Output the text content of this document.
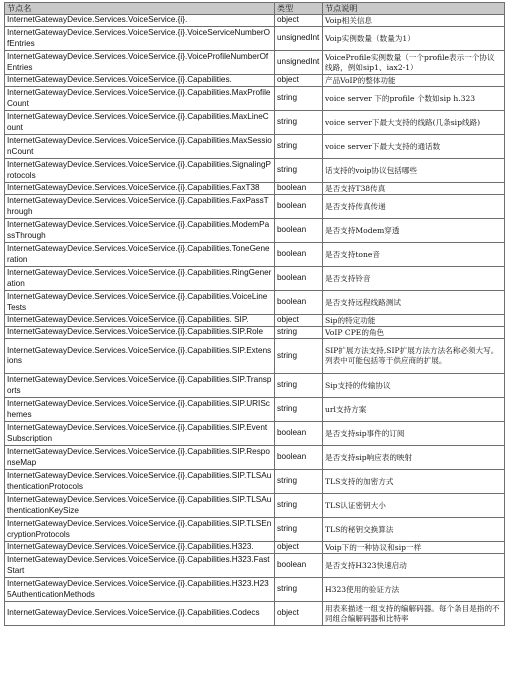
节点名	类型	节点说明
InternetGatewayDevice.Services.VoiceService.{i}.	object	Voip相关信息
InternetGatewayDevice.Services.VoiceService.{i}.VoiceServiceNumberOfEntries	unsignedInt	Voip实例数量（数量为1）
InternetGatewayDevice.Services.VoiceService.{i}.VoiceProfileNumberOfEntries	unsignedInt	VoiceProfile实例数量（一个profile表示一个协议线路，例如sip1、iax2-1）
InternetGatewayDevice.Services.VoiceService.{i}.Capabilities.	object	产品VoIP的整体功能
InternetGatewayDevice.Services.VoiceService.{i}.Capabilities.MaxProfileCount	string	voice server 下的profile 个数如sip h.323
InternetGatewayDevice.Services.VoiceService.{i}.Capabilities.MaxLineCount	string	voice server下最大支持的线路(几条sip线路)
InternetGatewayDevice.Services.VoiceService.{i}.Capabilities.MaxSessionCount	string	voice server下最大支持的通话数
InternetGatewayDevice.Services.VoiceService.{i}.Capabilities.SignalingProtocols	string	话支持的voip协议包括哪些
InternetGatewayDevice.Services.VoiceService.{i}.Capabilities.FaxT38	boolean	是否支持T38传真
InternetGatewayDevice.Services.VoiceService.{i}.Capabilities.FaxPassThrough	boolean	是否支持传真传递
InternetGatewayDevice.Services.VoiceService.{i}.Capabilities.ModemPassThrough	boolean	是否支持Modem穿透
InternetGatewayDevice.Services.VoiceService.{i}.Capabilities.ToneGeneration	boolean	是否支持tone音
InternetGatewayDevice.Services.VoiceService.{i}.Capabilities.RingGeneration	boolean	是否支持铃音
InternetGatewayDevice.Services.VoiceService.{i}.Capabilities.VoiceLineTests	boolean	是否支持远程线路测试
InternetGatewayDevice.Services.VoiceService.{i}.Capabilities. SIP.	object	Sip的特定功能
InternetGatewayDevice.Services.VoiceService.{i}.Capabilities.SIP.Role	string	VoIP CPE的角色
InternetGatewayDevice.Services.VoiceService.{i}.Capabilities.SIP.Extensions	string	SIP扩展方法支持,SIP扩展方法方法名称必须大写。列表中可能包括等于供应商的扩展。
InternetGatewayDevice.Services.VoiceService.{i}.Capabilities.SIP.Transports	string	Sip支持的传输协议
InternetGatewayDevice.Services.VoiceService.{i}.Capabilities.SIP.URISchemes	string	url支持方案
InternetGatewayDevice.Services.VoiceService.{i}.Capabilities.SIP.EventSubscription	boolean	是否支持sip事件的订阅
InternetGatewayDevice.Services.VoiceService.{i}.Capabilities.SIP.ResponseMap	boolean	是否支持sip响应表的映射
InternetGatewayDevice.Services.VoiceService.{i}.Capabilities.SIP.TLSAuthenticationProtocols	string	TLS支持的加密方式
InternetGatewayDevice.Services.VoiceService.{i}.Capabilities.SIP.TLSAuthenticationKeySize	string	TLS认证密钥大小
InternetGatewayDevice.Services.VoiceService.{i}.Capabilities.SIP.TLSEncryptionProtocols	string	TLS的秘钥交换算法
InternetGatewayDevice.Services.VoiceService.{i}.Capabilities.H323.	object	Voip下的一种协议和sip一样
InternetGatewayDevice.Services.VoiceService.{i}.Capabilities.H323.FastStart	boolean	是否支持H323快速启动
InternetGatewayDevice.Services.VoiceService.{i}.Capabilities.H323.H235AuthenticationMethods	string	H323使用的验证方法
InternetGatewayDevice.Services.VoiceService.{i}.Capabilities.Codecs	object	用表来描述一组支持的编解码器。每个条目是指的不同组合编解码器和比特率
